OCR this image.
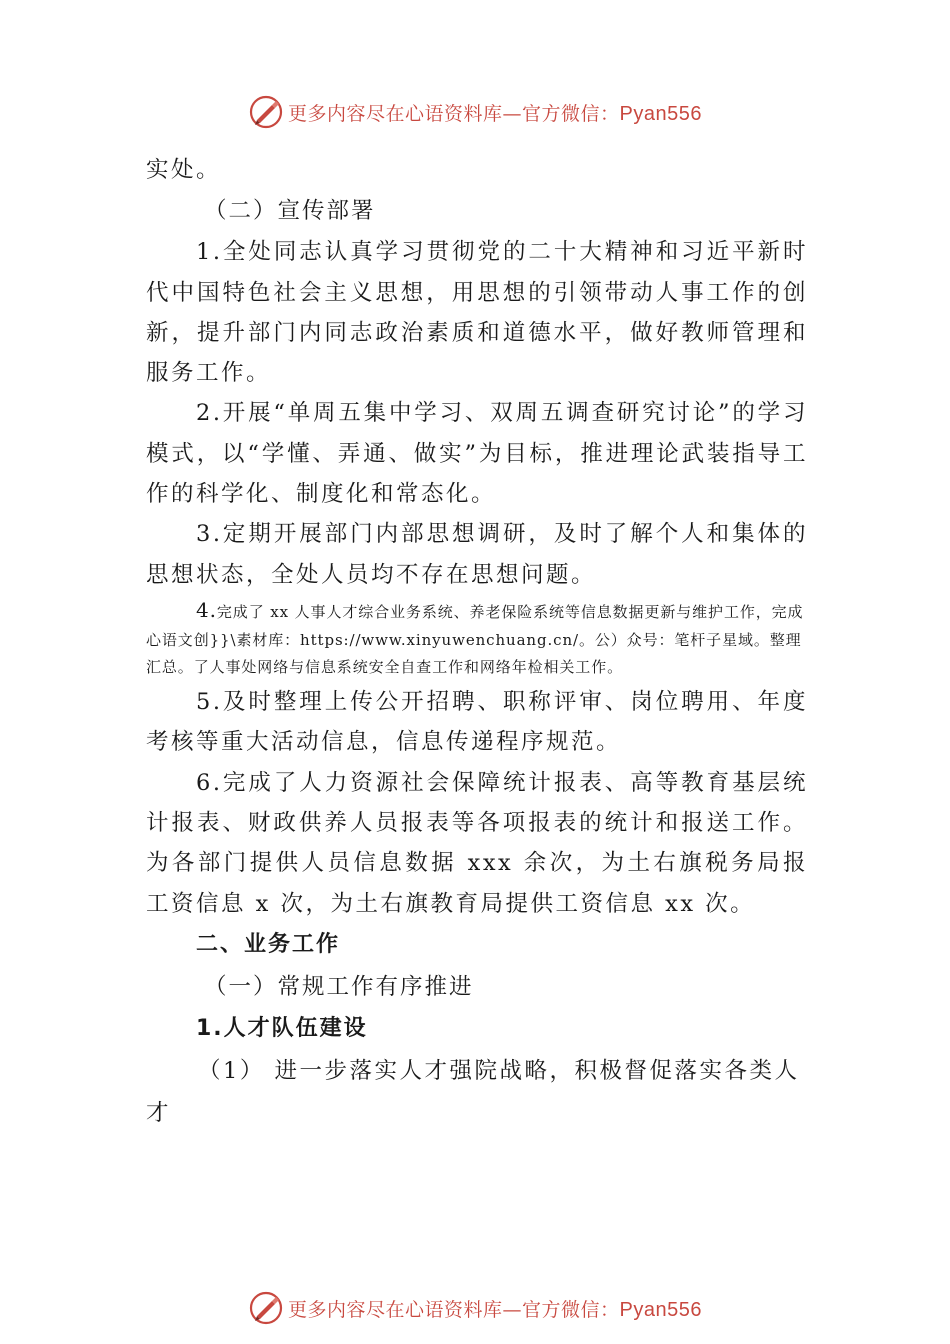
更多内容尽在心语资料库—官方微信：Pyan556

实处。

（二）宣传部署

1.全处同志认真学习贯彻党的二十大精神和习近平新时代中国特色社会主义思想，用思想的引领带动人事工作的创新，提升部门内同志政治素质和道德水平，做好教师管理和服务工作。

2.开展“单周五集中学习、双周五调查研究讨论”的学习模式，以“学懂、弄通、做实”为目标，推进理论武装指导工作的科学化、制度化和常态化。

3.定期开展部门内部思想调研，及时了解个人和集体的思想状态，全处人员均不存在思想问题。

4.完成了 xx 人事人才综合业务系统、养老保险系统等信息数据更新与维护工作，完成心语文创}}\素材库：https://www.xinyuwenchuang.cn/。公）众号：笔杆子星域。整理汇总。了人事处网络与信息系统安全自查工作和网络年检相关工作。

5.及时整理上传公开招聘、职称评审、岗位聘用、年度考核等重大活动信息，信息传递程序规范。

6.完成了人力资源社会保障统计报表、高等教育基层统计报表、财政供养人员报表等各项报表的统计和报送工作。 为各部门提供人员信息数据 xxx 余次，为土右旗税务局报工资信息 x 次，为土右旗教育局提供工资信息 xx 次。

二、业务工作

（一）常规工作有序推进

1.人才队伍建设

（1） 进一步落实人才强院战略，积极督促落实各类人才

更多内容尽在心语资料库—官方微信：Pyan556
